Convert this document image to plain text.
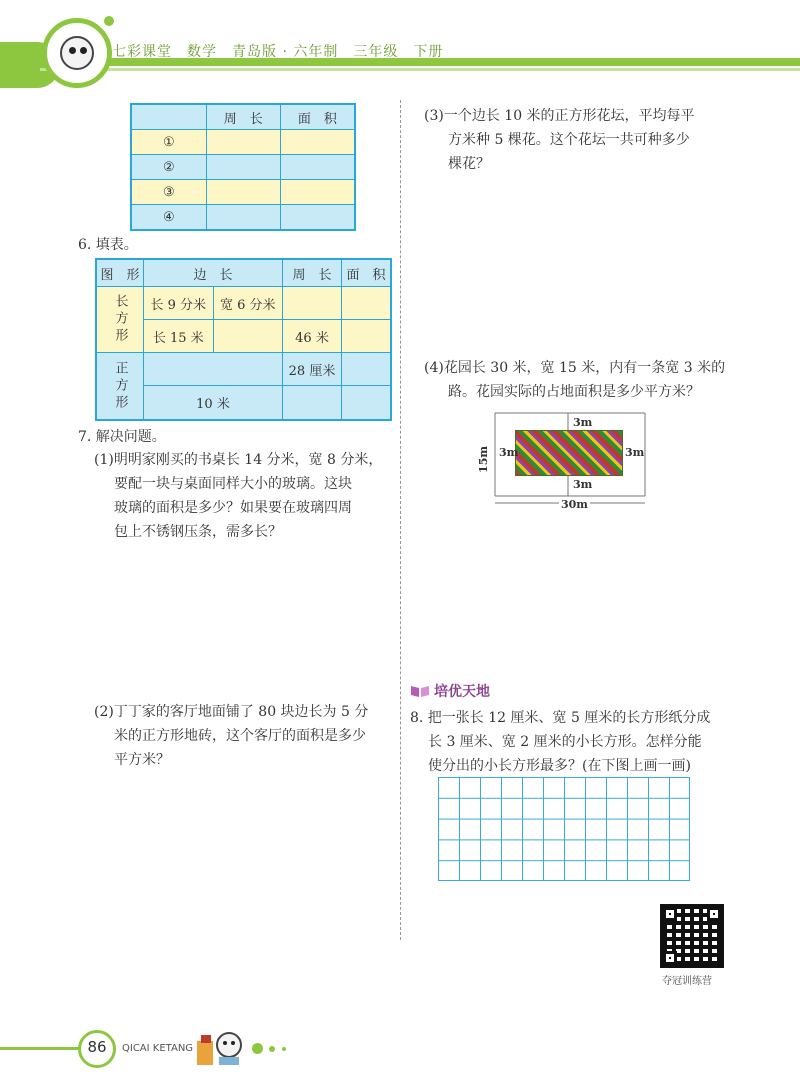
七彩课堂　数学　青岛版 · 六年制　三年级　下册
	周　长	面　积
①		
②		
③		
④		
6. 填表。
图　形	边　长		周　长	面　积
长方形	长 9 分米	宽 6 分米		
	长 15 米		46 米	
正方形			28 厘米	
	10 米			
7. 解决问题。
(1)明明家刚买的书桌长 14 分米，宽 8 分米，
要配一块与桌面同样大小的玻璃。这块
玻璃的面积是多少？如果要在玻璃四周
包上不锈钢压条，需多长？
(2)丁丁家的客厅地面铺了 80 块边长为 5 分
米的正方形地砖，这个客厅的面积是多少
平方米？
(3)一个边长 10 米的正方形花坛，平均每平
方米种 5 棵花。这个花坛一共可种多少
棵花？
(4)花园长 30 米，宽 15 米，内有一条宽 3 米的
路。花园实际的占地面积是多少平方米？
3m
3m	3m
3m
15m
30m
培优天地
8. 把一张长 12 厘米、宽 5 厘米的长方形纸分成
长 3 厘米、宽 2 厘米的小长方形。怎样分能
使分出的小长方形最多？(在下图上画一画)
夺冠训练营
86	QICAI KETANG
